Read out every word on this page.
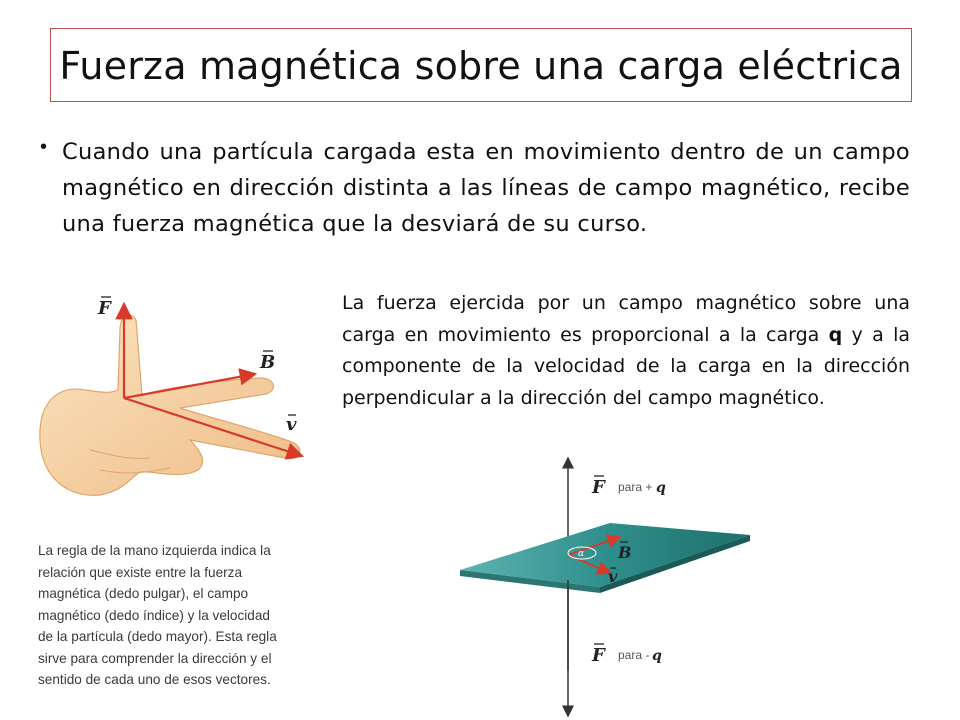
Fuerza magnética sobre una carga eléctrica
• Cuando una partícula cargada esta en movimiento dentro de un campo magnético en dirección distinta a las líneas de campo magnético, recibe una fuerza magnética que la desviará de su curso.

F
B
v

La regla de la mano izquierda indica la relación que existe entre la fuerza magnética (dedo pulgar), el campo magnético (dedo índice) y la velocidad de la partícula (dedo mayor). Esta regla sirve para comprender la dirección y el sentido de cada uno de esos vectores.

La fuerza ejercida por un campo magnético sobre una carga en movimiento es proporcional a la carga q y a la componente de la velocidad de la carga en la dirección perpendicular a la dirección del campo magnético.

α B
v
F para + q
F para - q
